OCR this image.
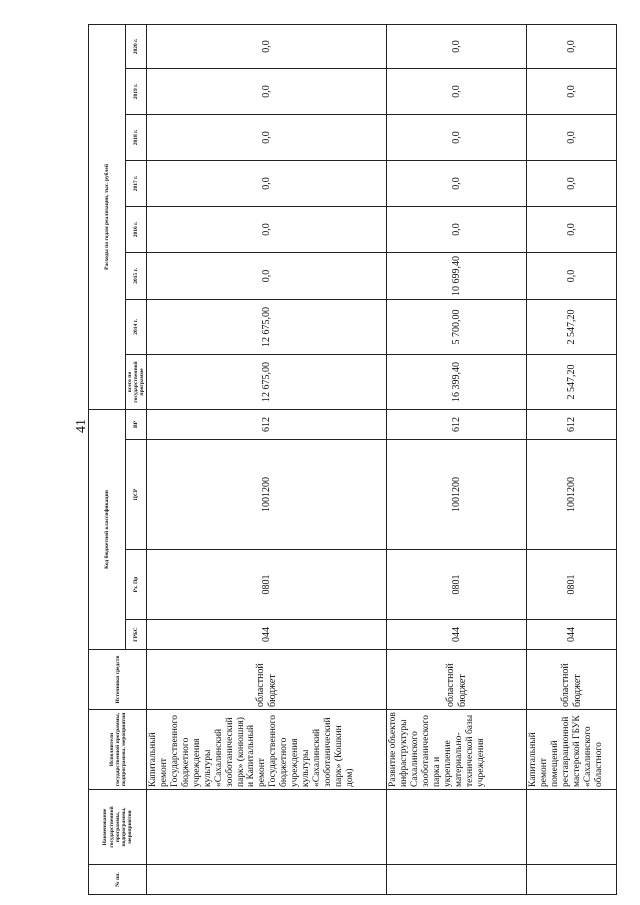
41
№ пп.	Наименование государственной программы, подпрограммы, мероприятия	Исполнители государственной программы, подпрограммы, мероприятия	Источники средств	Код бюджетной классификации				Расходы по годам реализации, тыс. рублей							
				ГРБС	Рз, Пр	ЦСР	ВР	всего по государственной программе	2014 г.	2015 г.	2016 г.	2017 г.	2018 г.	2019 г.	2020 г.
		Капитальный ремонт Государственного бюджетного учреждения культуры «Сахалинский зооботанический парк» (конюшня) и Капитальный ремонт Государственного бюджетного учреждения культуры «Сахалинский зооботанический парк» (Кошкин дом)	областной бюджет	044	0801	1001200	612	12 675,00	12 675,00	0,0	0,0	0,0	0,0	0,0	0,0
		Развитие объектов инфраструктуры Сахалинского зооботанического парка и укрепление материально-технической базы учреждения	областной бюджет	044	0801	1001200	612	16 399,40	5 700,00	10 699,40	0,0	0,0	0,0	0,0	0,0
		Капитальный ремонт помещений реставрационной мастерской ГБУК «Сахалинского областного	областной бюджет	044	0801	1001200	612	2 547,20	2 547,20	0,0	0,0	0,0	0,0	0,0	0,0
